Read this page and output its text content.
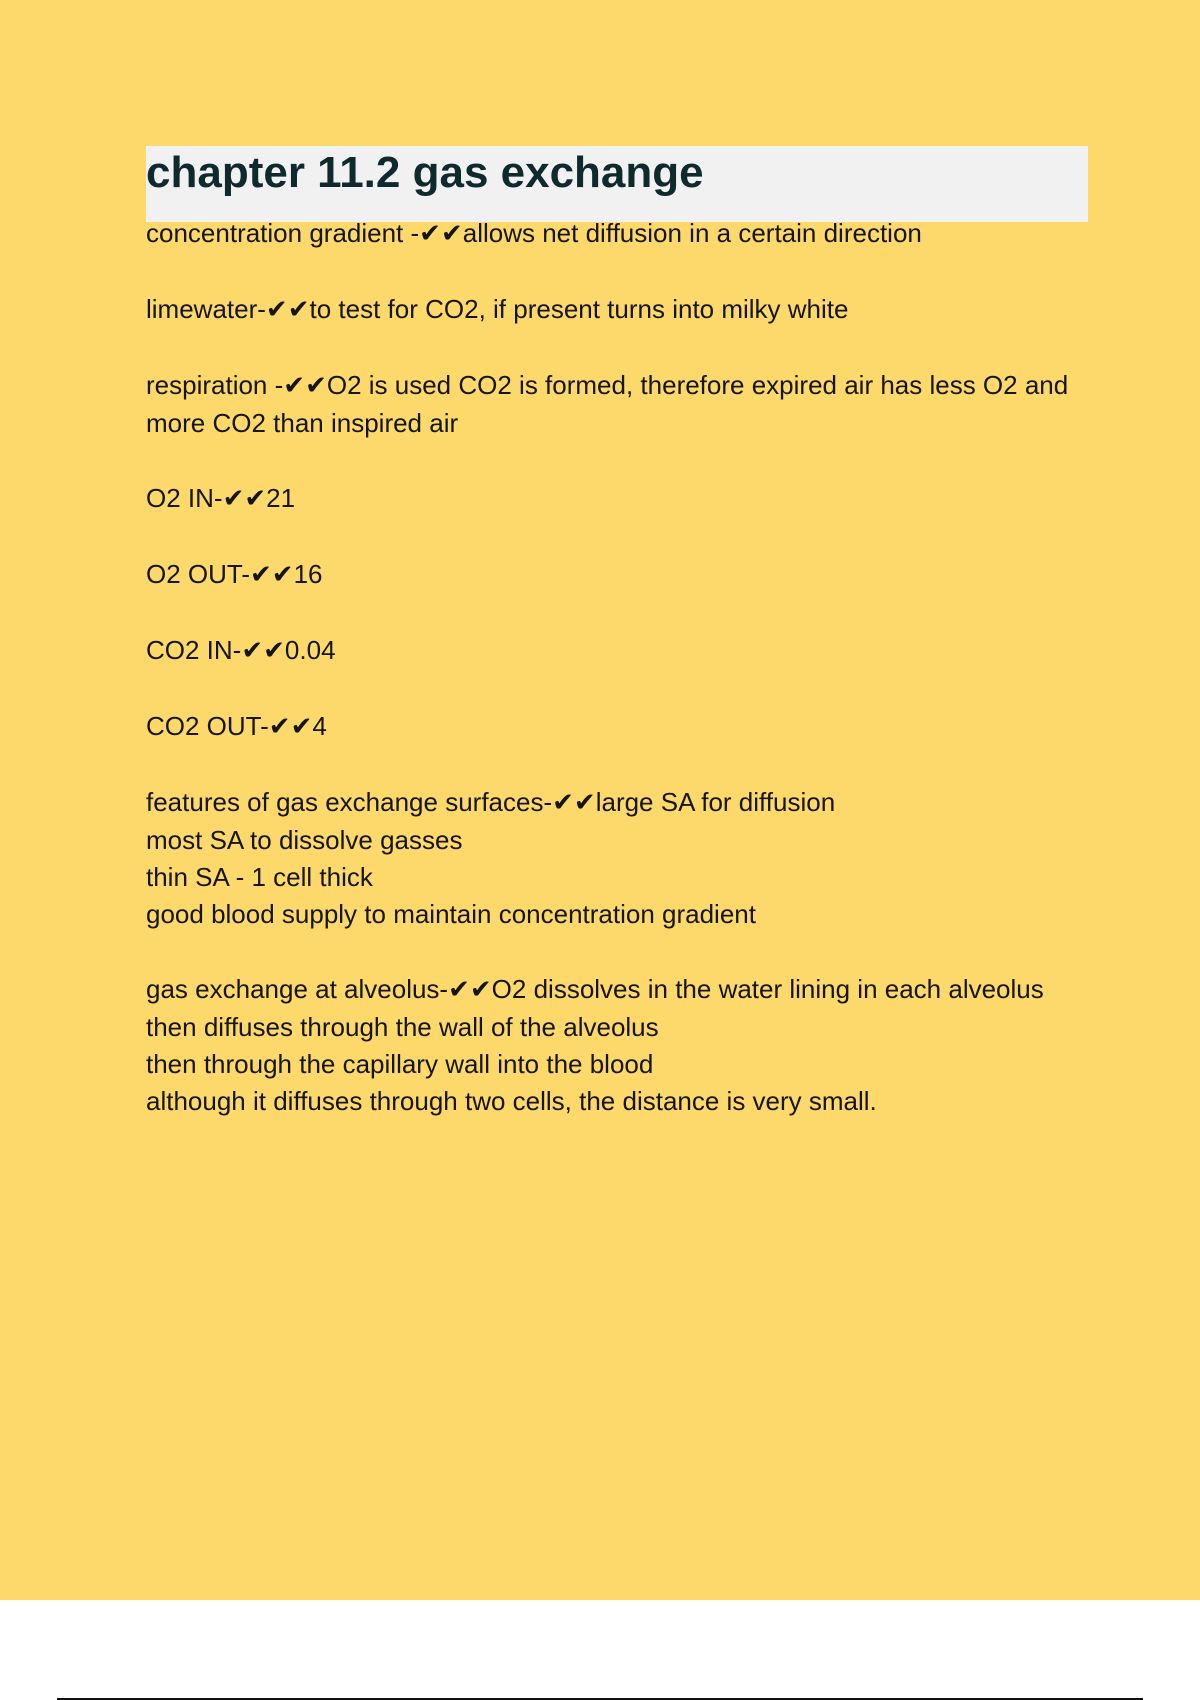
chapter 11.2 gas exchange

concentration gradient -✔✔allows net diffusion in a certain direction

limewater-✔✔to test for CO2, if present turns into milky white

respiration -✔✔O2 is used CO2 is formed, therefore expired air has less O2 and more CO2 than inspired air

O2 IN-✔✔21

O2 OUT-✔✔16

CO2 IN-✔✔0.04

CO2 OUT-✔✔4

features of gas exchange surfaces-✔✔large SA for diffusion
most SA to dissolve gasses
thin SA - 1 cell thick
good blood supply to maintain concentration gradient

gas exchange at alveolus-✔✔O2 dissolves in the water lining in each alveolus
then diffuses through the wall of the alveolus
then through the capillary wall into the blood
although it diffuses through two cells, the distance is very small.
